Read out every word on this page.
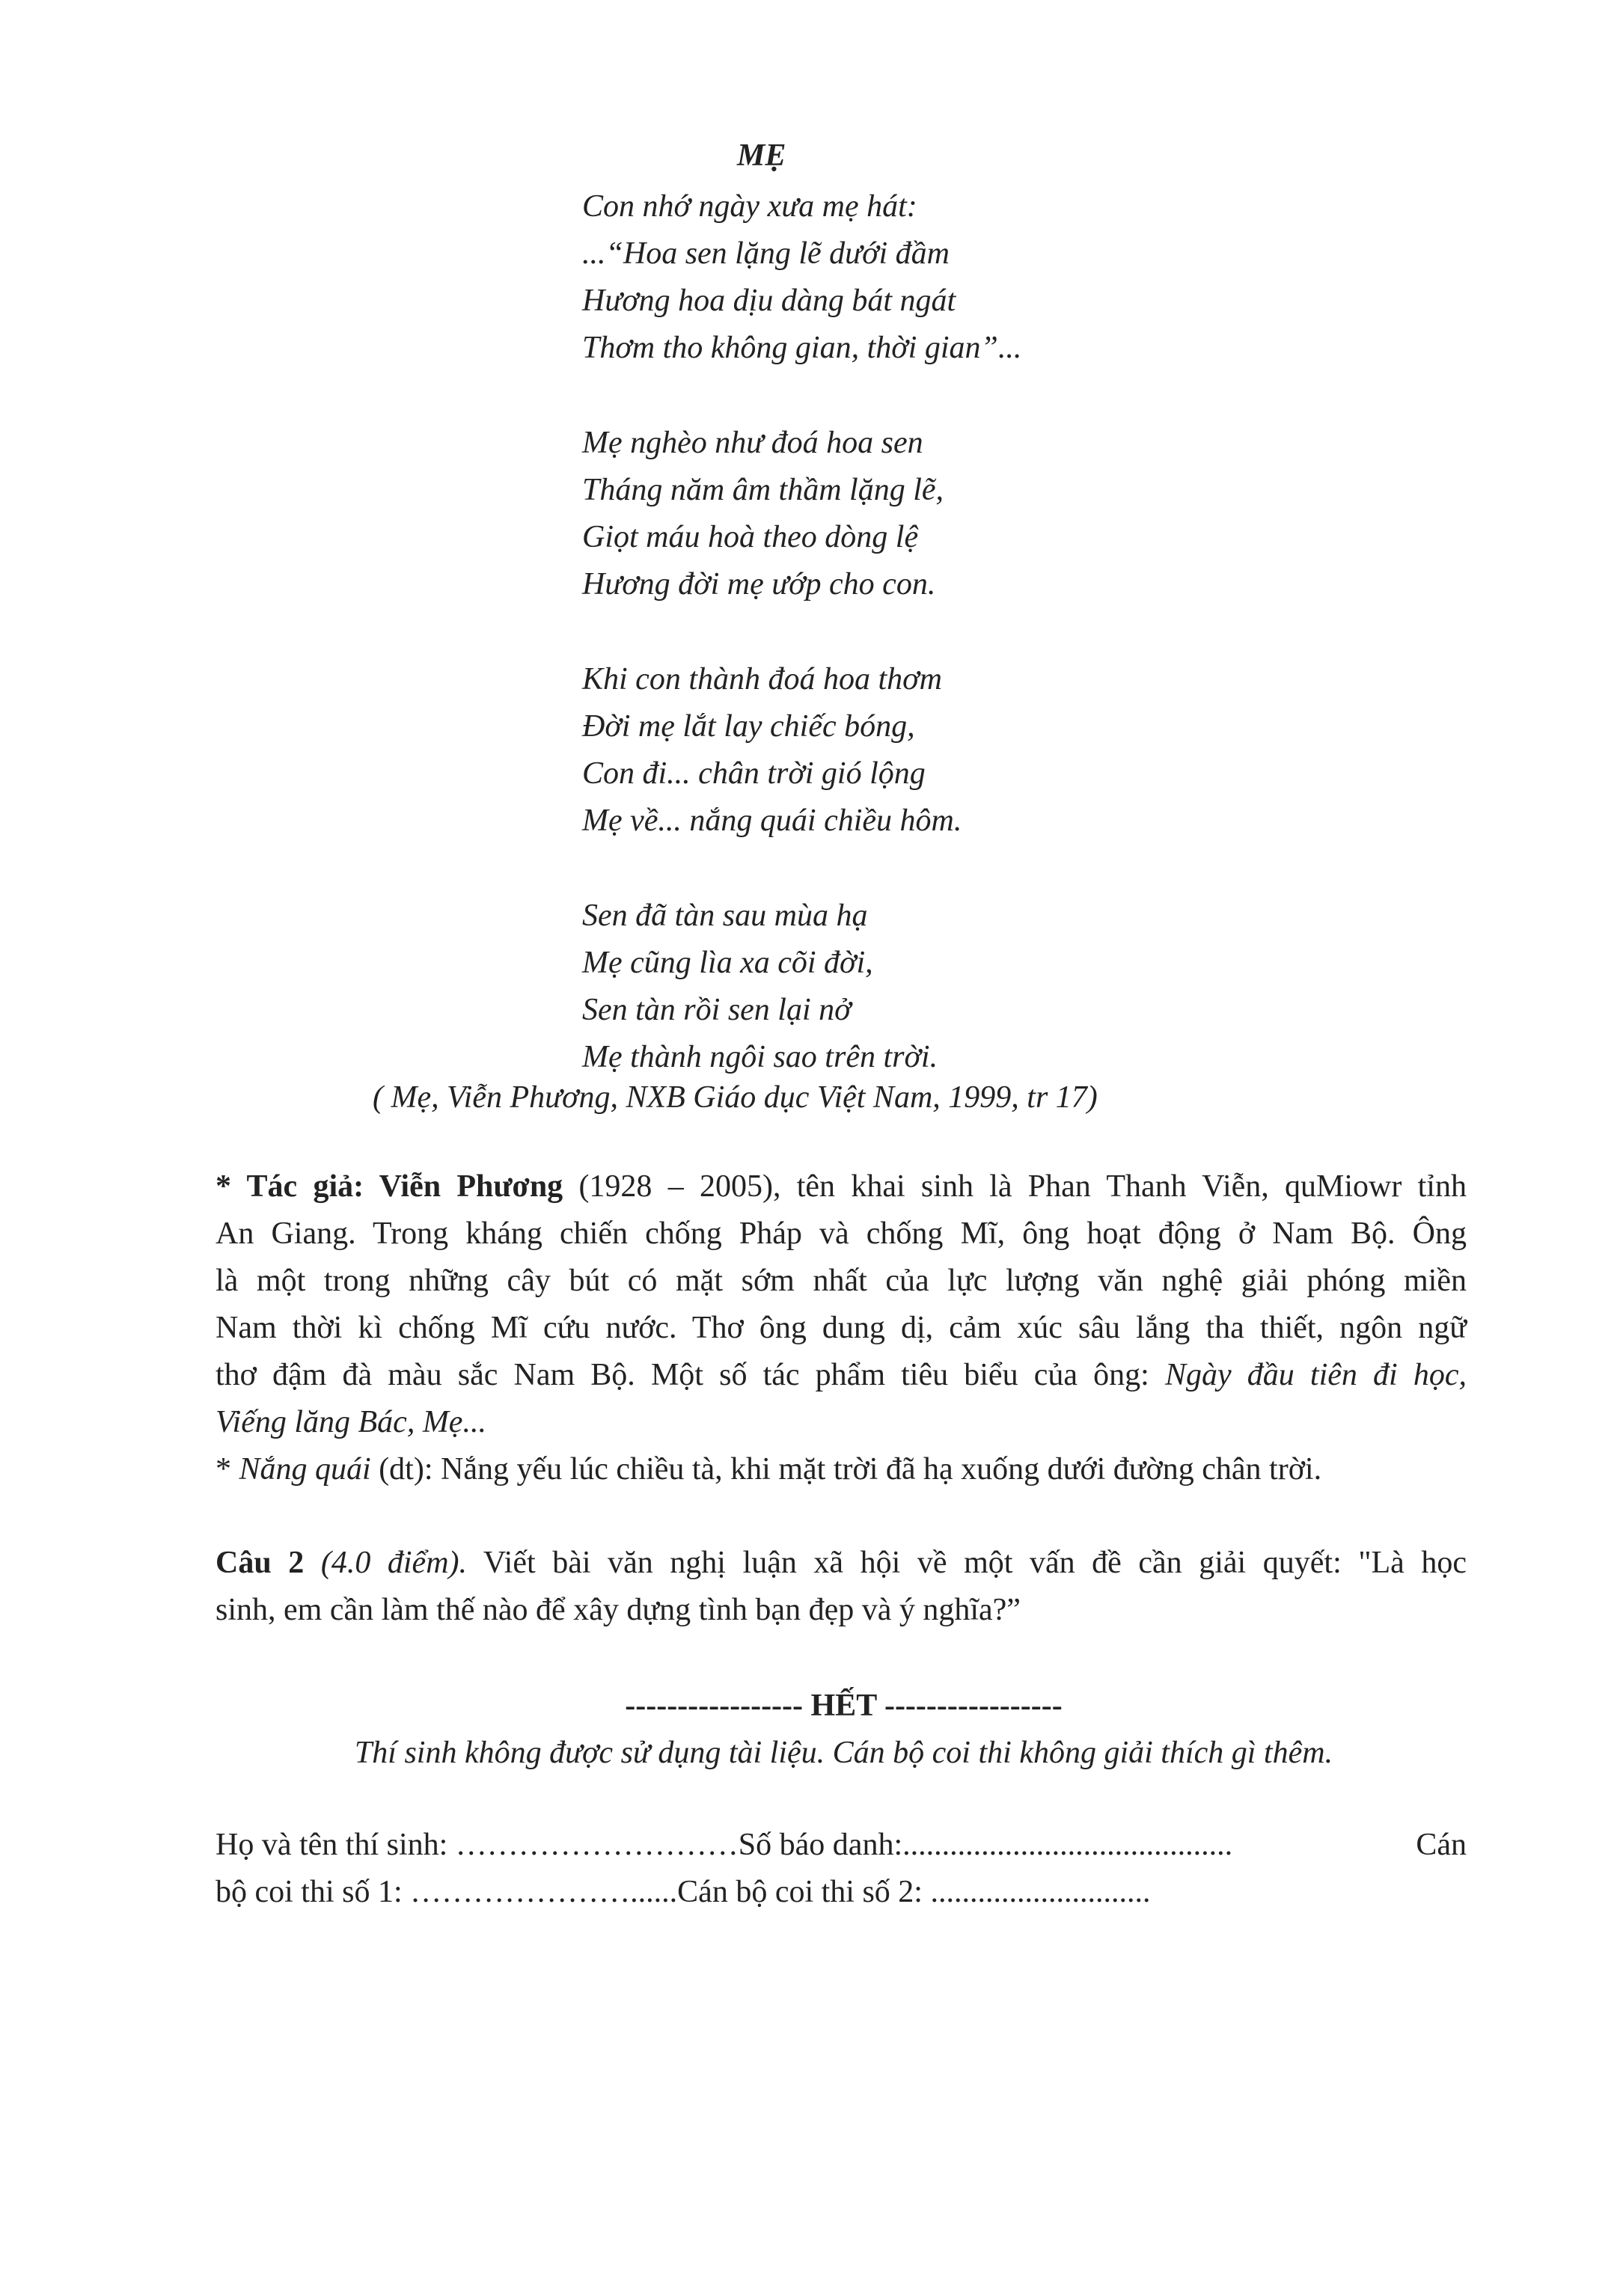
MẸ
Con nhớ ngày xưa mẹ hát:
...“Hoa sen lặng lẽ dưới đầm
Hương hoa dịu dàng bát ngát
Thơm tho không gian, thời gian”...
Mẹ nghèo như đoá hoa sen
Tháng năm âm thầm lặng lẽ,
Giọt máu hoà theo dòng lệ
Hương đời mẹ ướp cho con.
Khi con thành đoá hoa thơm
Đời mẹ lắt lay chiếc bóng,
Con đi... chân trời gió lộng
Mẹ về... nắng quái chiều hôm.
Sen đã tàn sau mùa hạ
Mẹ cũng lìa xa cõi đời,
Sen tàn rồi sen lại nở
Mẹ thành ngôi sao trên trời.
( Mẹ, Viễn Phương, NXB Giáo dục Việt Nam, 1999, tr 17)
* Tác giả: Viễn Phương (1928 – 2005), tên khai sinh là Phan Thanh Viễn, quMiowr tỉnh
An Giang. Trong kháng chiến chống Pháp và chống Mĩ, ông hoạt động ở Nam Bộ. Ông
là một trong những cây bút có mặt sớm nhất của lực lượng văn nghệ giải phóng miền
Nam thời kì chống Mĩ cứu nước. Thơ ông dung dị, cảm xúc sâu lắng tha thiết, ngôn ngữ
thơ đậm đà màu sắc Nam Bộ. Một số tác phẩm tiêu biểu của ông: Ngày đầu tiên đi học,
Viếng lăng Bác, Mẹ...
* Nắng quái (dt): Nắng yếu lúc chiều tà, khi mặt trời đã hạ xuống dưới đường chân trời.
Câu 2 (4.0 điểm). Viết bài văn nghị luận xã hội về một vấn đề cần giải quyết: "Là học
sinh, em cần làm thế nào để xây dựng tình bạn đẹp và ý nghĩa?”
----------------- HẾT -----------------
Thí sinh không được sử dụng tài liệu. Cán bộ coi thi không giải thích gì thêm.
Họ và tên thí sinh: ………………………Số báo danh:..........................................	Cán
bộ coi thi số 1: …………………......Cán bộ coi thi số 2: ............................
